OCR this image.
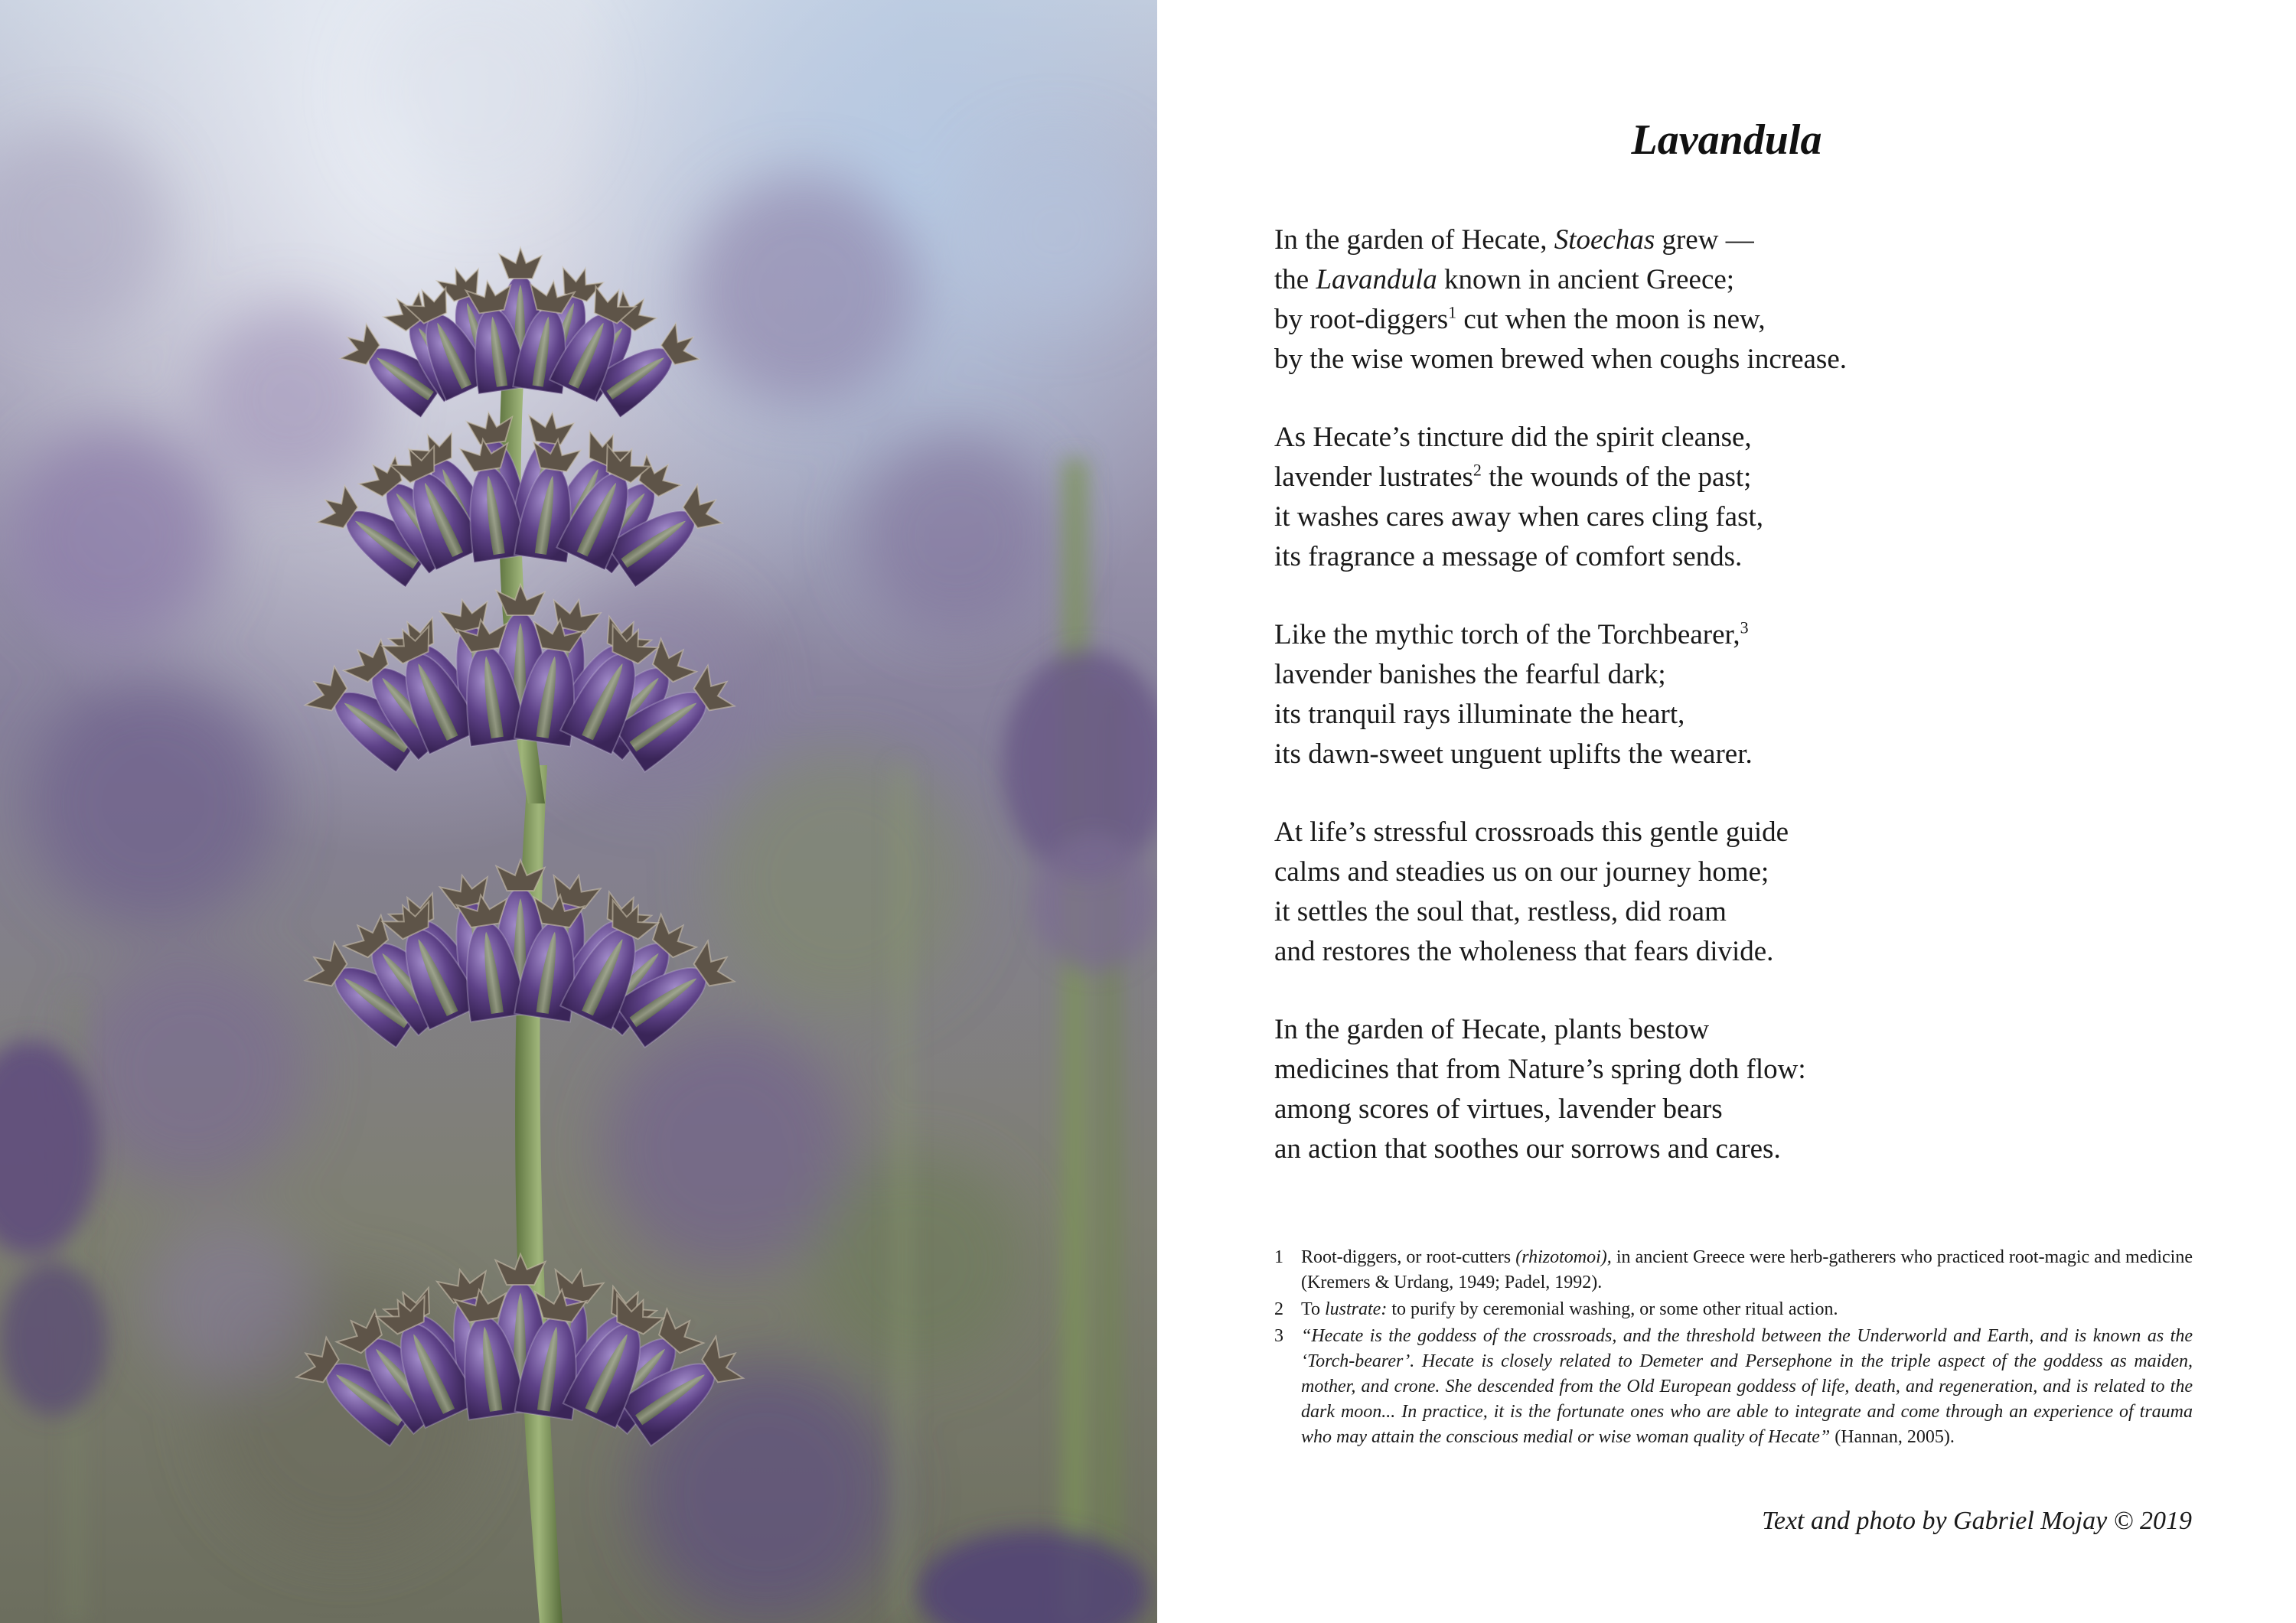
Lavandula
In the garden of Hecate, Stoechas grew —
the Lavandula known in ancient Greece;
by root-diggers$^1$ cut when the moon is new,
by the wise women brewed when coughs increase.
As Hecate’s tincture did the spirit cleanse,
lavender lustrates$^2$ the wounds of the past;
it washes cares away when cares cling fast,
its fragrance a message of comfort sends.
Like the mythic torch of the Torchbearer,$^3$
lavender banishes the fearful dark;
its tranquil rays illuminate the heart,
its dawn-sweet unguent uplifts the wearer.
At life’s stressful crossroads this gentle guide
calms and steadies us on our journey home;
it settles the soul that, restless, did roam
and restores the wholeness that fears divide.
In the garden of Hecate, plants bestow
medicines that from Nature’s spring doth flow:
among scores of virtues, lavender bears
an action that soothes our sorrows and cares.
1 Root-diggers, or root-cutters (rhizotomoi), in ancient Greece were herb-gatherers who practiced root-magic and medicine (Kremers & Urdang, 1949; Padel, 1992).
2 To lustrate: to purify by ceremonial washing, or some other ritual action.
3 “Hecate is the goddess of the crossroads, and the threshold between the Underworld and Earth, and is known as the ‘Torch-bearer’. Hecate is closely related to Demeter and Persephone in the triple aspect of the goddess as maiden, mother, and crone. She descended from the Old European goddess of life, death, and regeneration, and is related to the dark moon... In practice, it is the fortunate ones who are able to integrate and come through an experience of trauma who may attain the conscious medial or wise woman quality of Hecate” (Hannan, 2005).
Text and photo by Gabriel Mojay © 2019
